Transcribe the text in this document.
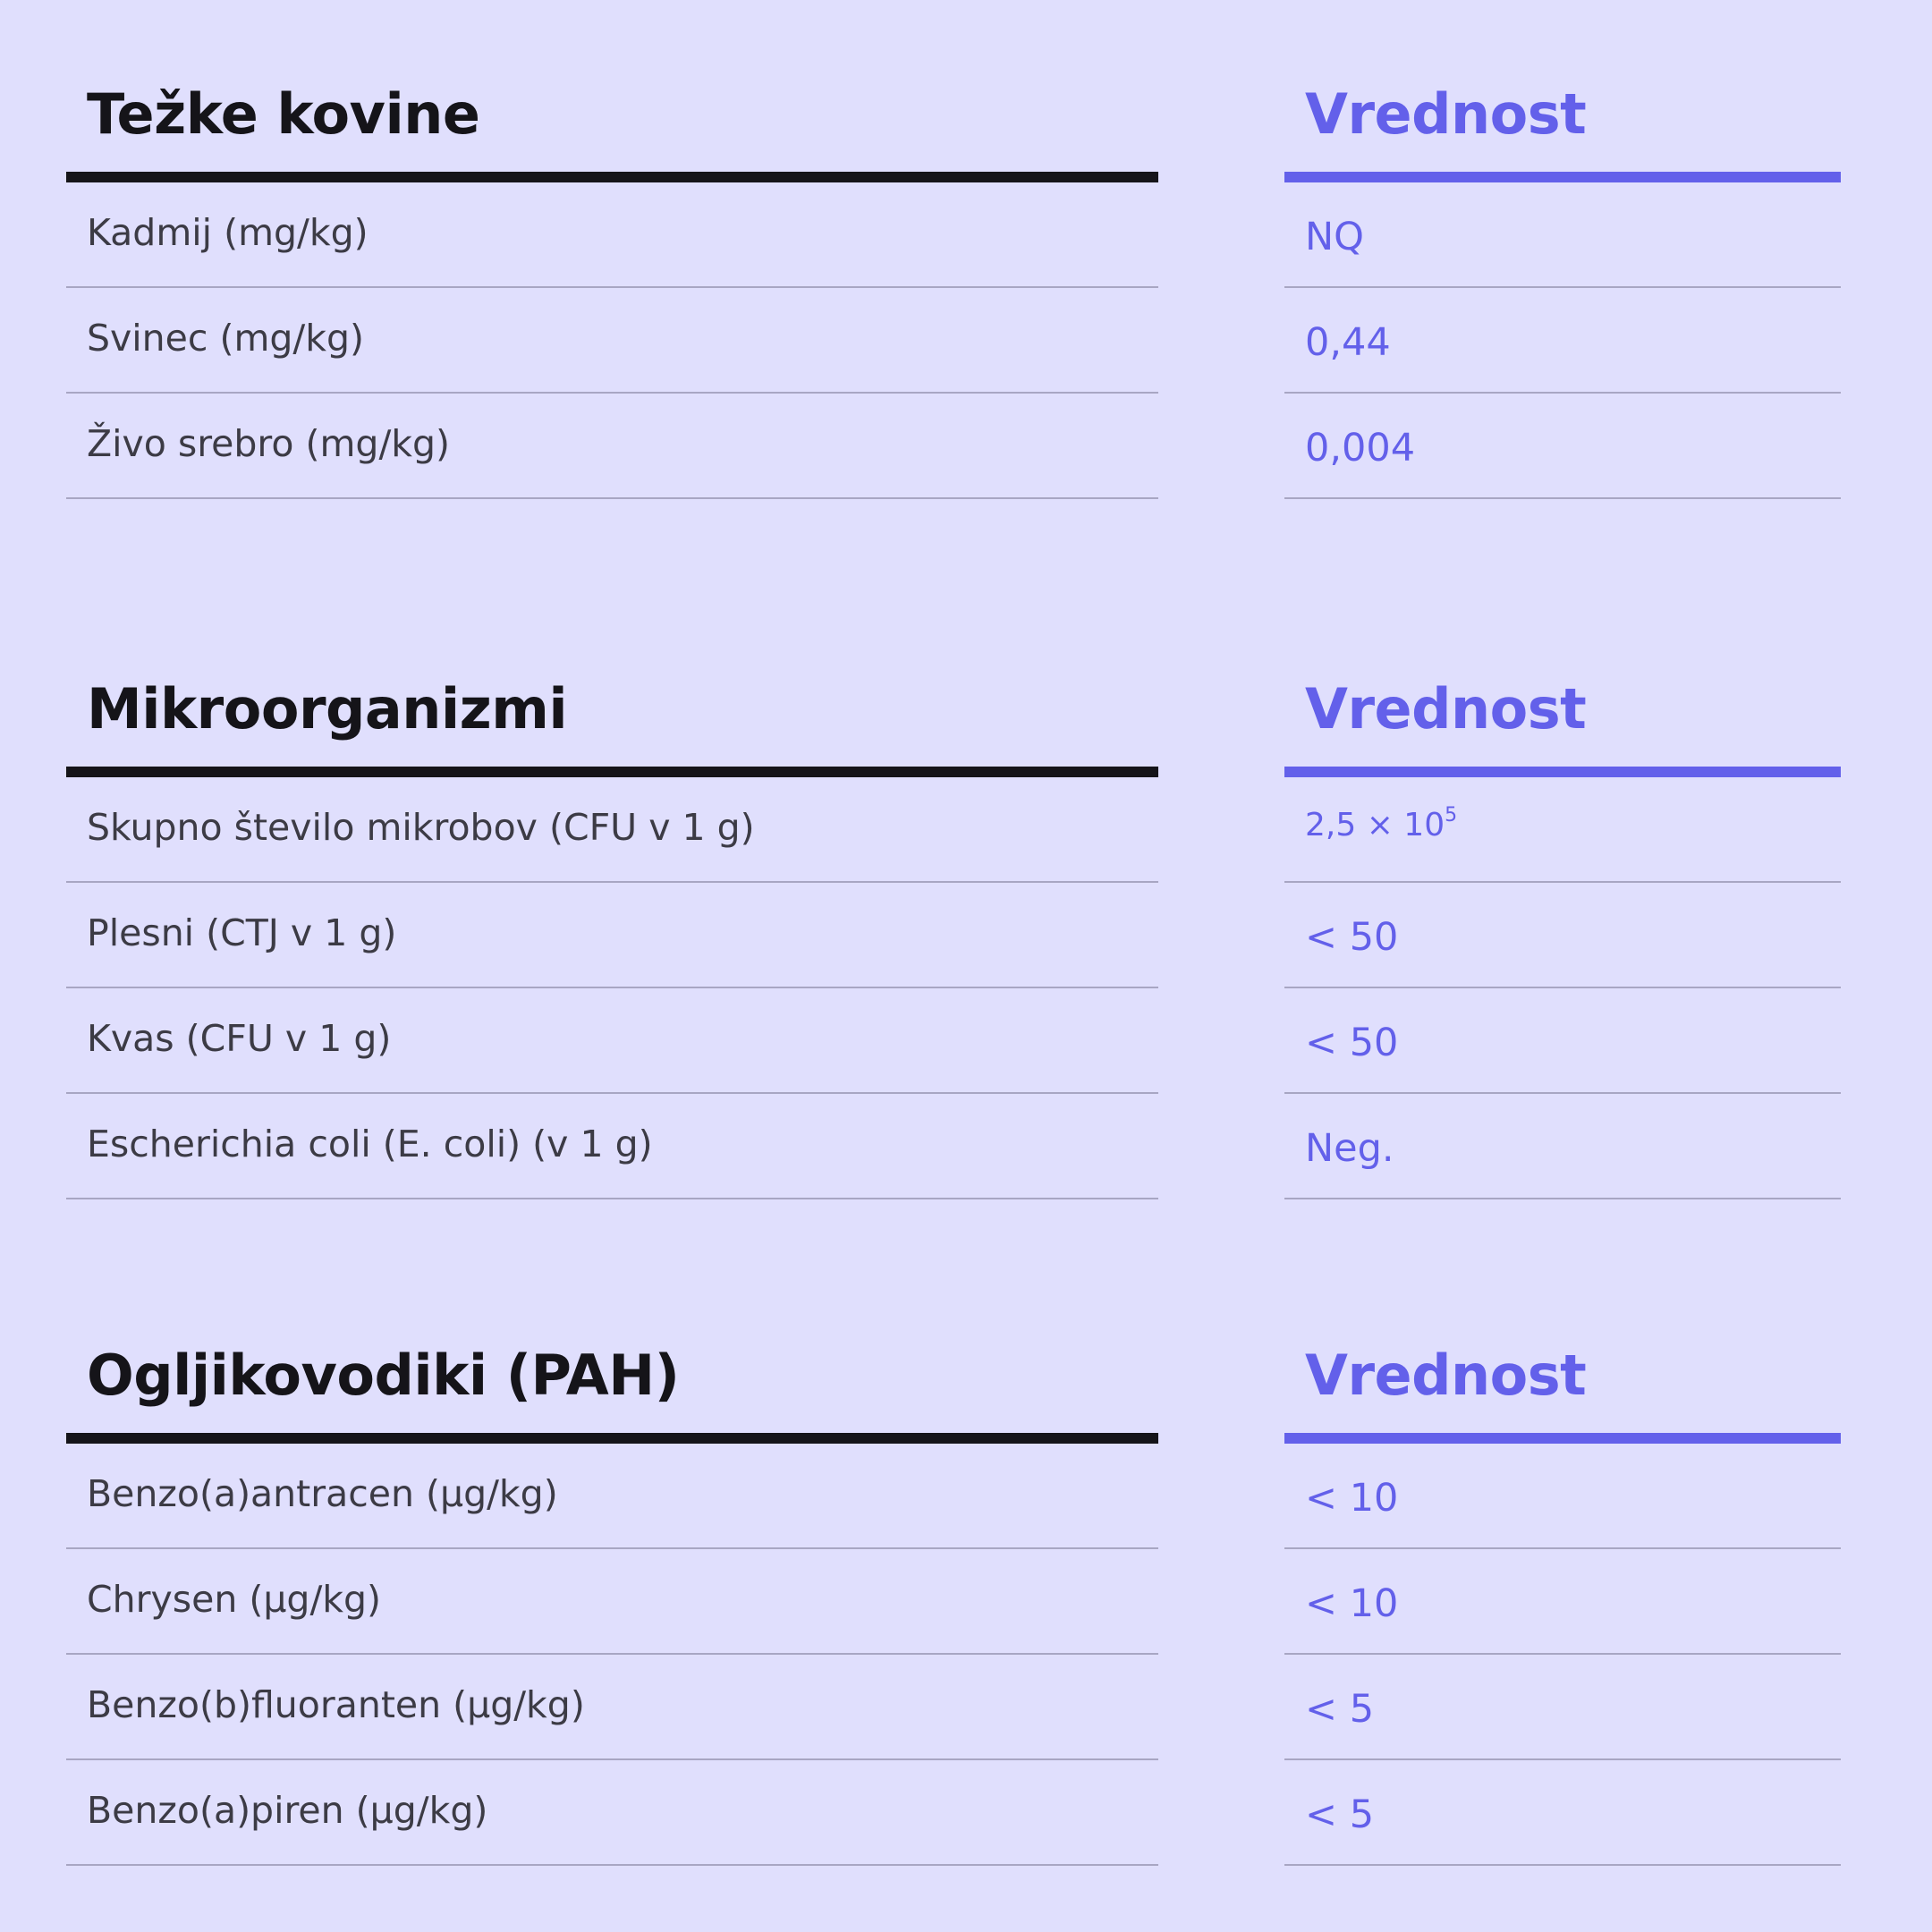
Težke kovine
Kadmij (mg/kg)
Svinec (mg/kg)
Živo srebro (mg/kg)
Vrednost
NQ
0,44
0,004
Mikroorganizmi
Skupno število mikrobov (CFU v 1 g)
Plesni (CTJ v 1 g)
Kvas (CFU v 1 g)
Escherichia coli (E. coli) (v 1 g)
Vrednost
$2,5 \times 10^5$
< 50
< 50
Neg.
Ogljikovodiki (PAH)
Benzo(a)antracen (µg/kg)
Chrysen (µg/kg)
Benzo(b)fluoranten (µg/kg)
Benzo(a)piren (µg/kg)
Vrednost
< 10
< 10
< 5
< 5
